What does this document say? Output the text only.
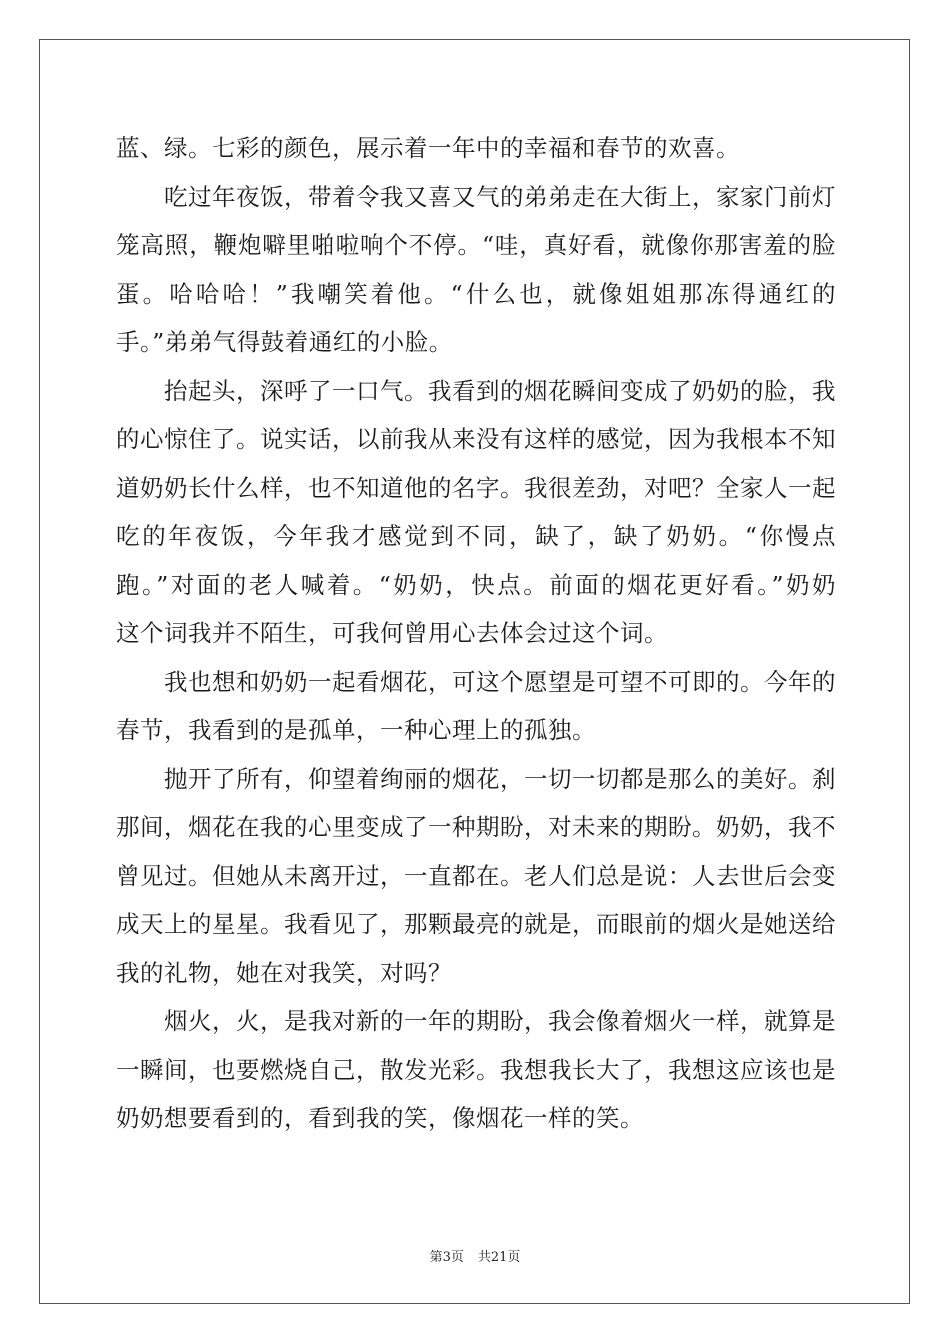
蓝、绿。七彩的颜色，展示着一年中的幸福和春节的欢喜。
吃过年夜饭，带着令我又喜又气的弟弟走在大街上，家家门前灯
笼高照，鞭炮噼里啪啦响个不停。“哇，真好看，就像你那害羞的脸
蛋。哈哈哈！”我嘲笑着他。“什么也，就像姐姐那冻得通红的
手。”弟弟气得鼓着通红的小脸。
抬起头，深呼了一口气。我看到的烟花瞬间变成了奶奶的脸，我
的心惊住了。说实话，以前我从来没有这样的感觉，因为我根本不知
道奶奶长什么样，也不知道他的名字。我很差劲，对吧？全家人一起
吃的年夜饭，今年我才感觉到不同，缺了，缺了奶奶。“你慢点
跑。”对面的老人喊着。“奶奶，快点。前面的烟花更好看。”奶奶
这个词我并不陌生，可我何曾用心去体会过这个词。
我也想和奶奶一起看烟花，可这个愿望是可望不可即的。今年的
春节，我看到的是孤单，一种心理上的孤独。
抛开了所有，仰望着绚丽的烟花，一切一切都是那么的美好。刹
那间，烟花在我的心里变成了一种期盼，对未来的期盼。奶奶，我不
曾见过。但她从未离开过，一直都在。老人们总是说：人去世后会变
成天上的星星。我看见了，那颗最亮的就是，而眼前的烟火是她送给
我的礼物，她在对我笑，对吗？
烟火，火，是我对新的一年的期盼，我会像着烟火一样，就算是
一瞬间，也要燃烧自己，散发光彩。我想我长大了，我想这应该也是
奶奶想要看到的，看到我的笑，像烟花一样的笑。
第3页 共21页
